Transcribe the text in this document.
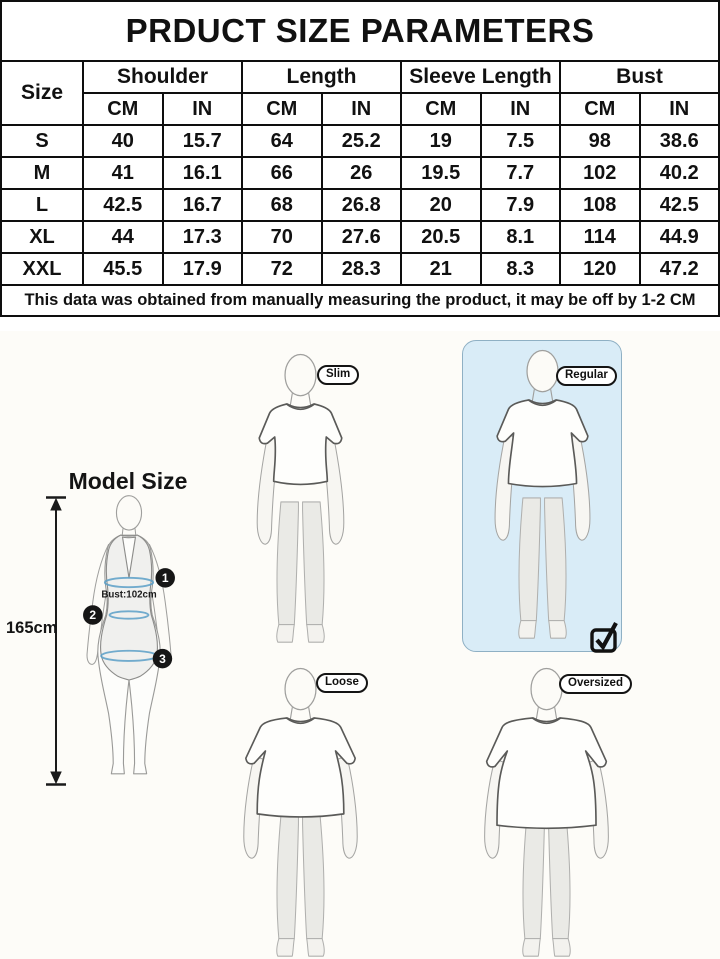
PRDUCT SIZE PARAMETERS								
Size	Shoulder		Length		Sleeve Length		Bust	
	CM	IN	CM	IN	CM	IN	CM	IN
S	40	15.7	64	25.2	19	7.5	98	38.6
M	41	16.1	66	26	19.5	7.7	102	40.2
L	42.5	16.7	68	26.8	20	7.9	108	42.5
XL	44	17.3	70	27.6	20.5	8.1	114	44.9
XXL	45.5	17.9	72	28.3	21	8.3	120	47.2
This data was obtained from manually measuring the product, it may be off by 1-2 CM								
Model Size
165cm
Bust:102cm
1
2
3
Slim	Regular
Loose	Oversized
